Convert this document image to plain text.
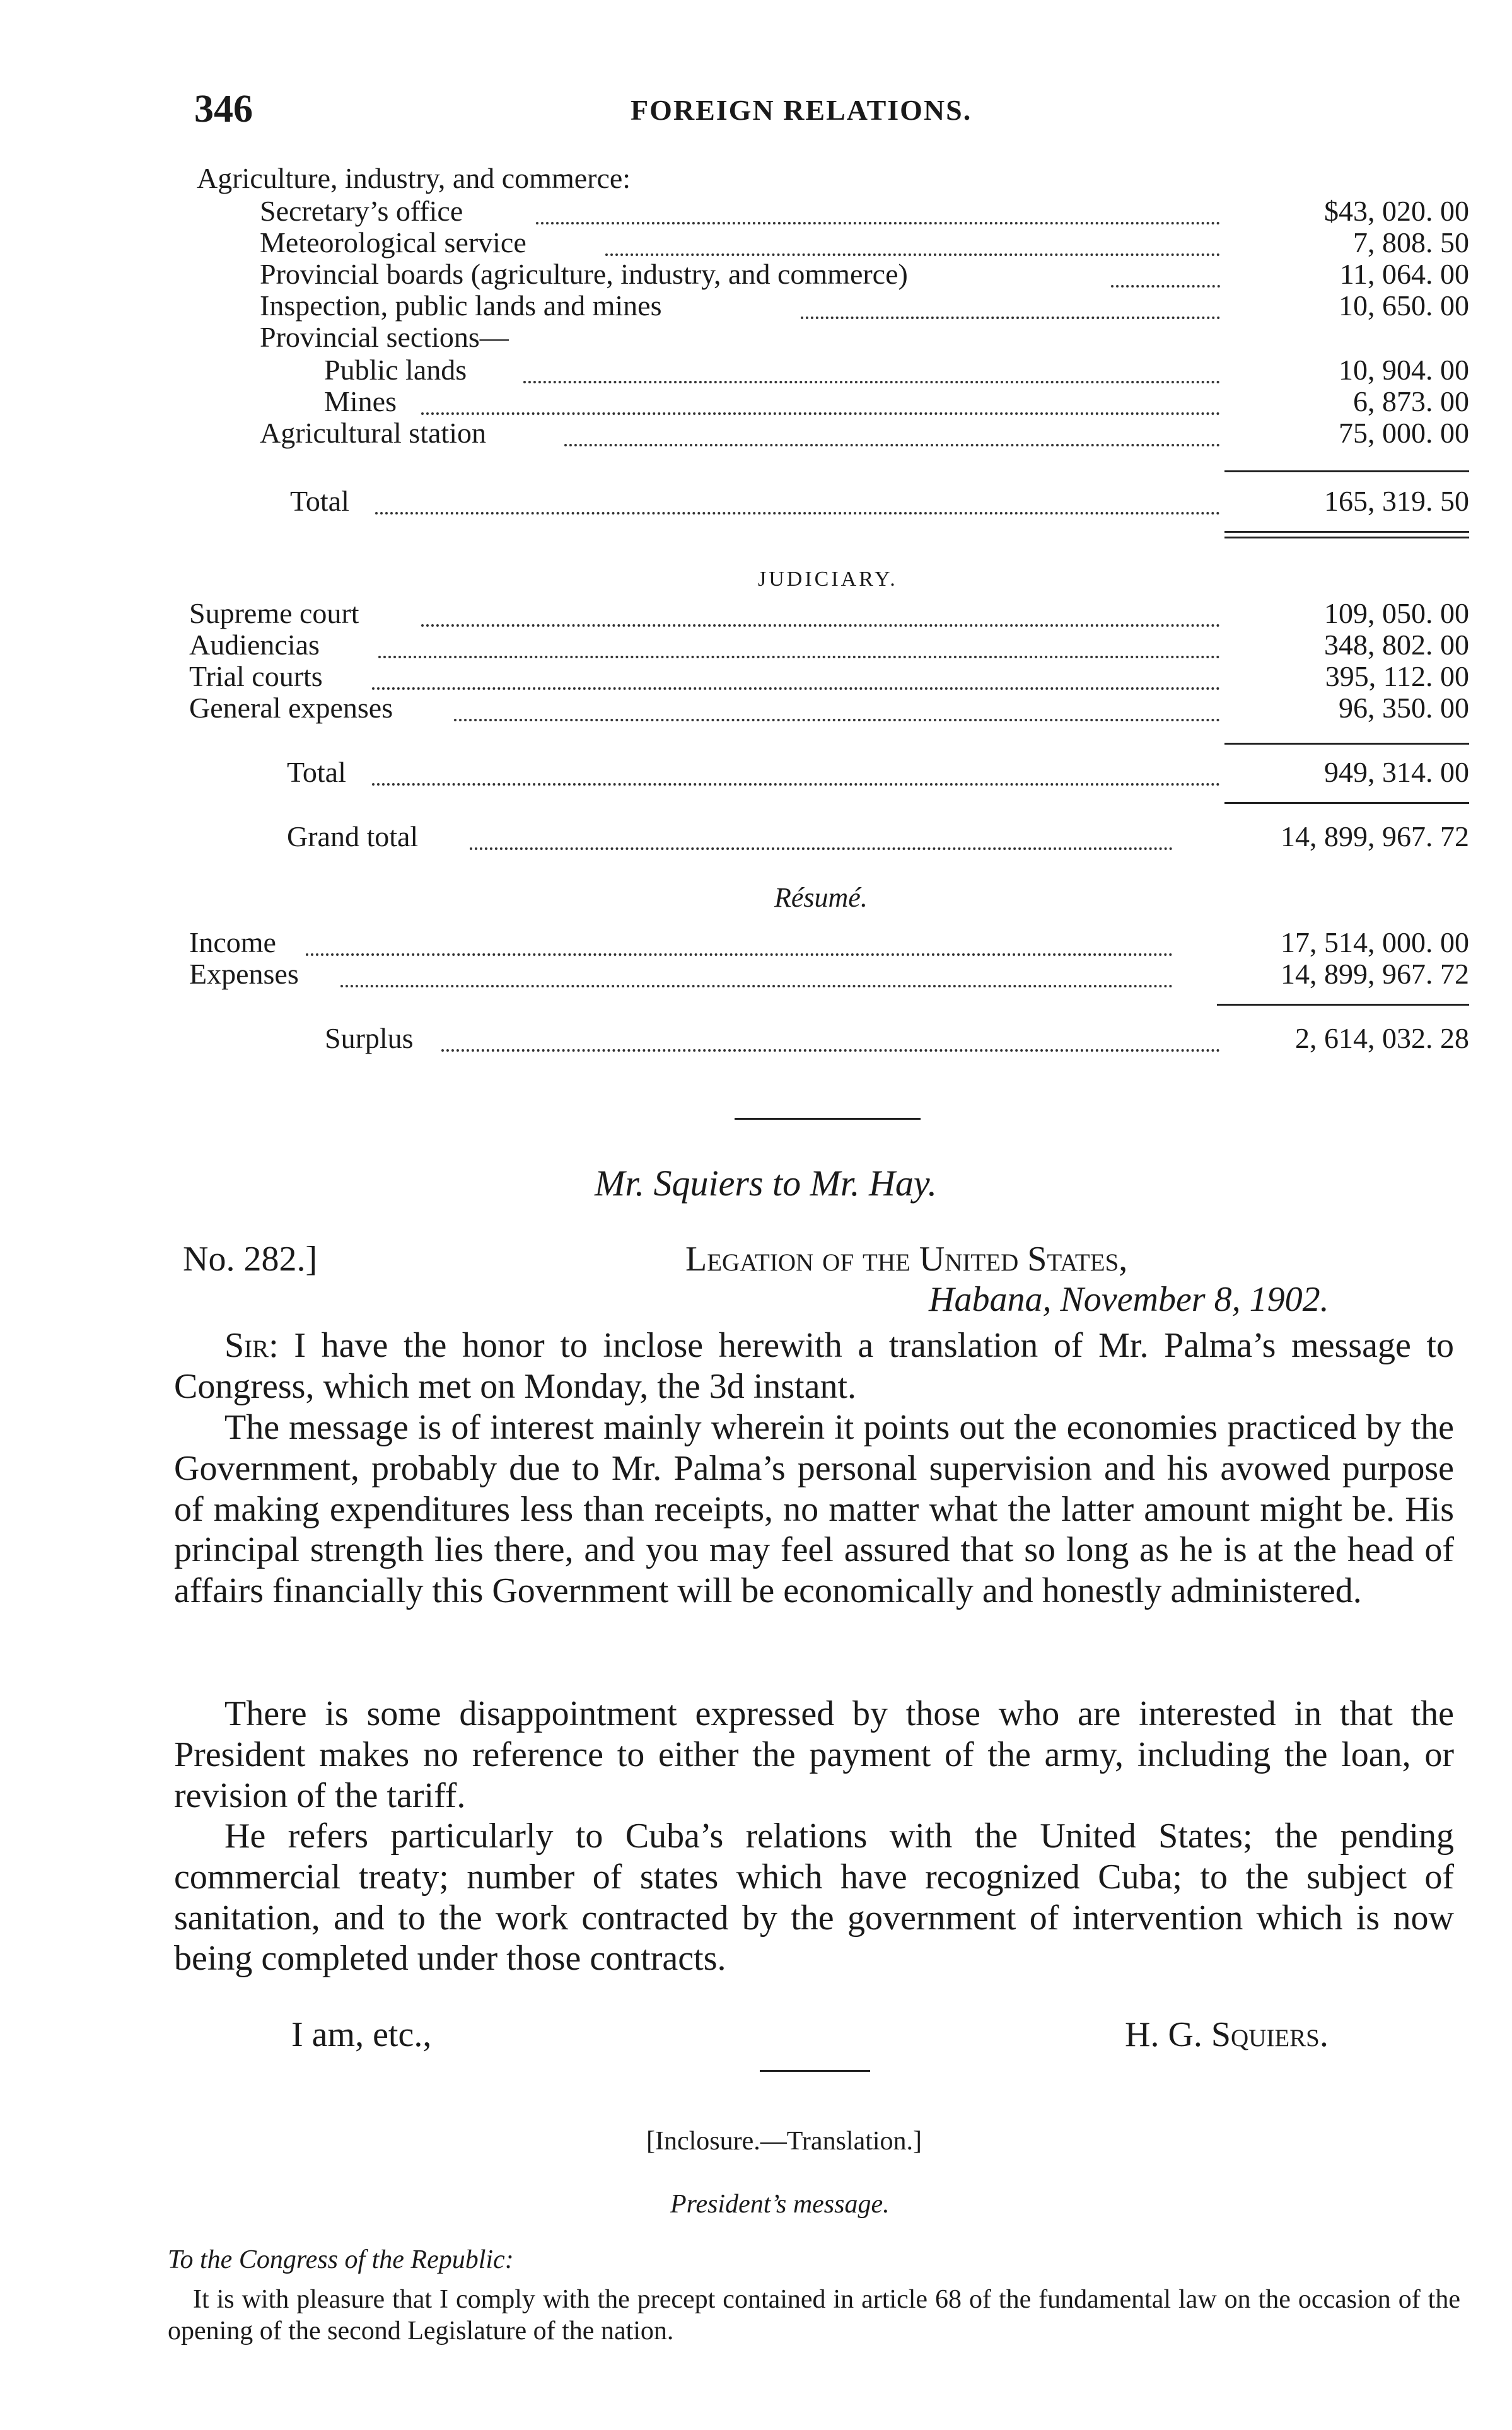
346	FOREIGN RELATIONS.
Agriculture, industry, and commerce:
Secretary’s office	$43, 020. 00
Meteorological service	7, 808. 50
Provincial boards (agriculture, industry, and commerce)	11, 064. 00
Inspection, public lands and mines	10, 650. 00
Provincial sections—
Public lands	10, 904. 00
Mines	6, 873. 00
Agricultural station	75, 000. 00
Total	165, 319. 50
JUDICIARY.
Supreme court	109, 050. 00
Audiencias	348, 802. 00
Trial courts	395, 112. 00
General expenses	96, 350. 00
Total	949, 314. 00
Grand total	14, 899, 967. 72
Résumé.
Income	17, 514, 000. 00
Expenses	14, 899, 967. 72
Surplus	2, 614, 032. 28
Mr. Squiers to Mr. Hay.
No. 282.]	Legation of the United States,
Habana, November 8, 1902.
Sir: I have the honor to inclose herewith a translation of Mr. Palma’s message to Congress, which met on Monday, the 3d instant.
The message is of interest mainly wherein it points out the economies practiced by the Government, probably due to Mr. Palma’s personal supervision and his avowed purpose of making expenditures less than receipts, no matter what the latter amount might be. His principal strength lies there, and you may feel assured that so long as he is at the head of affairs financially this Government will be economically and honestly administered.
There is some disappointment expressed by those who are interested in that the President makes no reference to either the payment of the army, including the loan, or revision of the tariff.
He refers particularly to Cuba’s relations with the United States; the pending commercial treaty; number of states which have recognized Cuba; to the subject of sanitation, and to the work contracted by the government of intervention which is now being completed under those contracts.
I am, etc.,	H. G. Squiers.
[Inclosure.—Translation.]
President’s message.
To the Congress of the Republic:
It is with pleasure that I comply with the precept contained in article 68 of the fundamental law on the occasion of the opening of the second Legislature of the nation.
